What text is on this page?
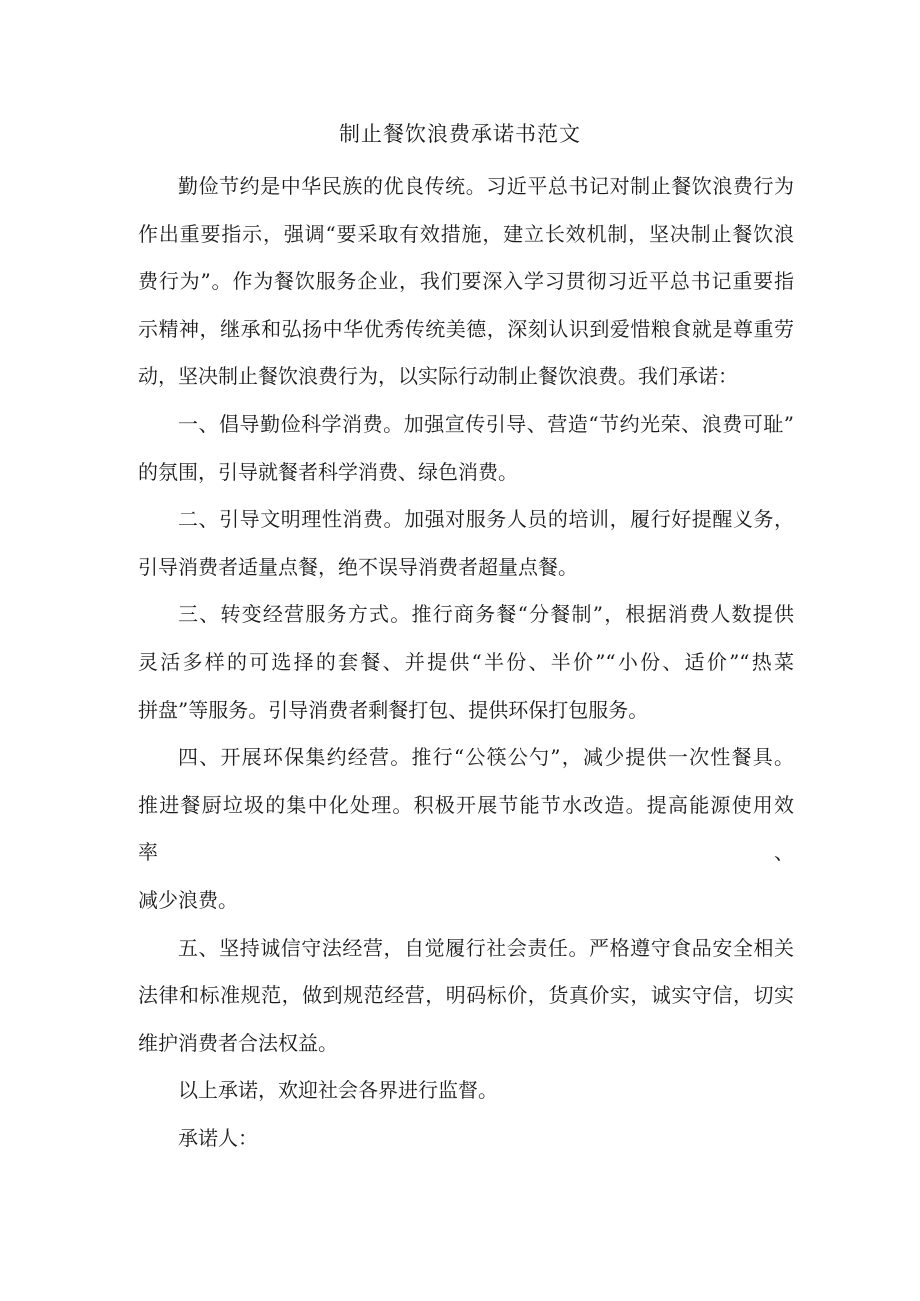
制止餐饮浪费承诺书范文

勤俭节约是中华民族的优良传统。习近平总书记对制止餐饮浪费行为
作出重要指示，强调“要采取有效措施，建立长效机制，坚决制止餐饮浪
费行为”。作为餐饮服务企业，我们要深入学习贯彻习近平总书记重要指
示精神，继承和弘扬中华优秀传统美德，深刻认识到爱惜粮食就是尊重劳
动，坚决制止餐饮浪费行为，以实际行动制止餐饮浪费。我们承诺：

一、倡导勤俭科学消费。加强宣传引导、营造“节约光荣、浪费可耻”
的氛围，引导就餐者科学消费、绿色消费。

二、引导文明理性消费。加强对服务人员的培训，履行好提醒义务，
引导消费者适量点餐，绝不误导消费者超量点餐。

三、转变经营服务方式。推行商务餐“分餐制”，根据消费人数提供
灵活多样的可选择的套餐、并提供“半份、半价”“小份、适价”“热菜
拼盘”等服务。引导消费者剩餐打包、提供环保打包服务。

四、开展环保集约经营。推行“公筷公勺”，减少提供一次性餐具。
推进餐厨垃圾的集中化处理。积极开展节能节水改造。提高能源使用效率、
减少浪费。

五、坚持诚信守法经营，自觉履行社会责任。严格遵守食品安全相关
法律和标准规范，做到规范经营，明码标价，货真价实，诚实守信，切实
维护消费者合法权益。

以上承诺，欢迎社会各界进行监督。

承诺人：
